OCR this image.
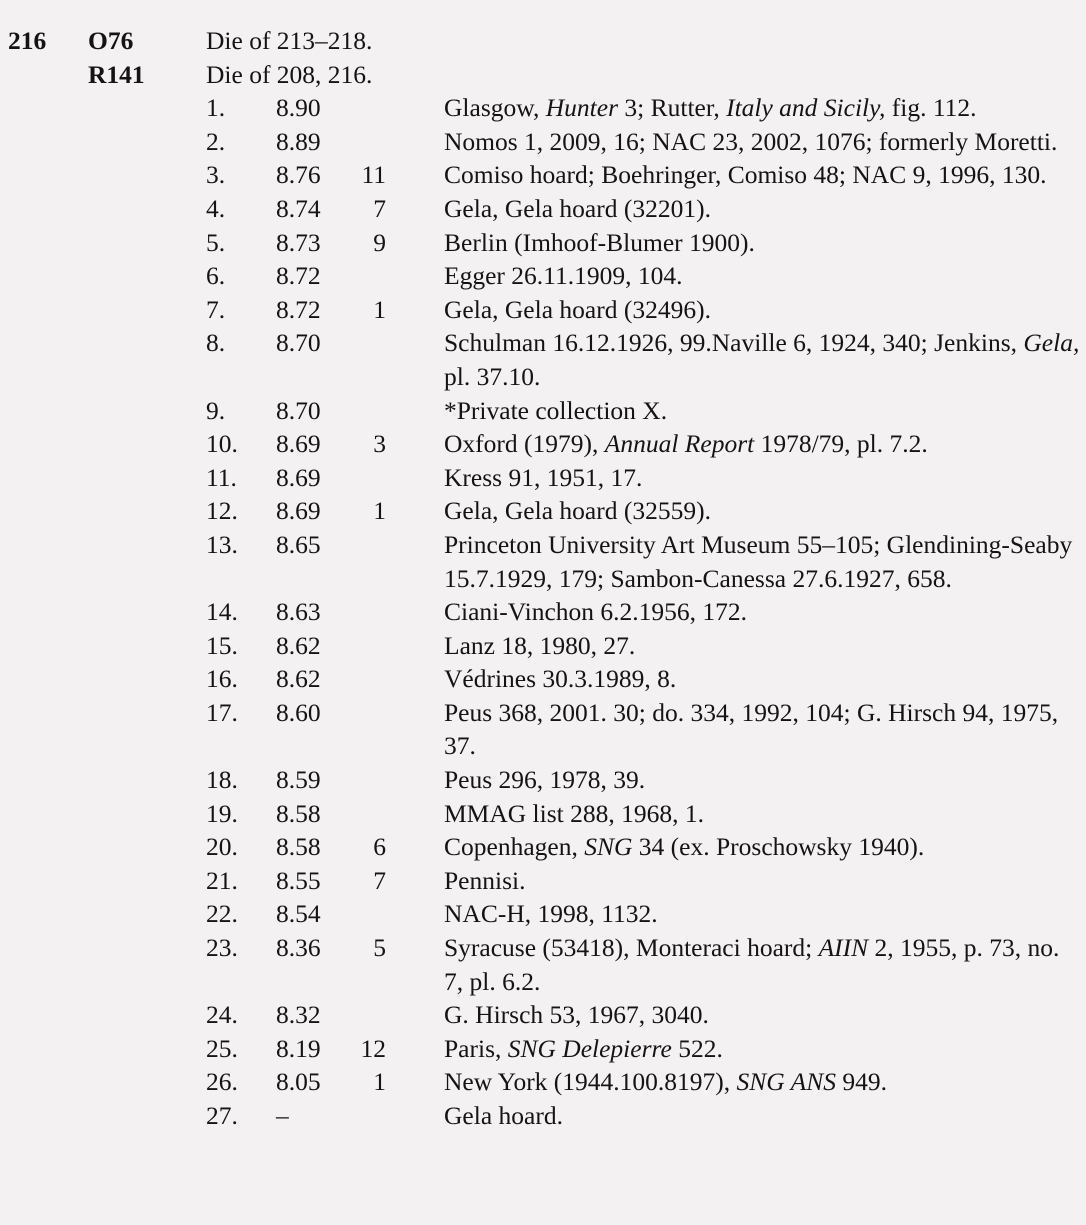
216 O76	Die of 213–218.
R141 Die of 208, 216.
1. 8.90	Glasgow, Hunter 3; Rutter, Italy and Sicily, fig. 112.
2. 8.89	Nomos 1, 2009, 16; NAC 23, 2002, 1076; formerly Moretti.
3. 8.76	11 Comiso hoard; Boehringer, Comiso 48; NAC 9, 1996, 130.
4. 8.74	7 Gela, Gela hoard (32201).
5. 8.73	9 Berlin (Imhoof-Blumer 1900).
6. 8.72	Egger 26.11.1909, 104.
7. 8.72	1 Gela, Gela hoard (32496).
8. 8.70	Schulman 16.12.1926, 99.Naville 6, 1924, 340; Jenkins, Gela, pl. 37.10.
9. 8.70	*Private collection X.
10. 8.69	3 Oxford (1979), Annual Report 1978/79, pl. 7.2.
11. 8.69	Kress 91, 1951, 17.
12. 8.69	1 Gela, Gela hoard (32559).
13. 8.65	Princeton University Art Museum 55–105; Glendining-Seaby 15.7.1929, 179; Sambon-Canessa 27.6.1927, 658.
14. 8.63	Ciani-Vinchon 6.2.1956, 172.
15. 8.62	Lanz 18, 1980, 27.
16. 8.62	Védrines 30.3.1989, 8.
17. 8.60	Peus 368, 2001. 30; do. 334, 1992, 104; G. Hirsch 94, 1975, 37.
18. 8.59	Peus 296, 1978, 39.
19. 8.58	MMAG list 288, 1968, 1.
20. 8.58	6 Copenhagen, SNG 34 (ex. Proschowsky 1940).
21. 8.55	7 Pennisi.
22. 8.54	NAC-H, 1998, 1132.
23. 8.36	5 Syracuse (53418), Monteraci hoard; AIIN 2, 1955, p. 73, no. 7, pl. 6.2.
24. 8.32	G. Hirsch 53, 1967, 3040.
25. 8.19	12 Paris, SNG Delepierre 522.
26. 8.05	1 New York (1944.100.8197), SNG ANS 949.
27. –	Gela hoard.
